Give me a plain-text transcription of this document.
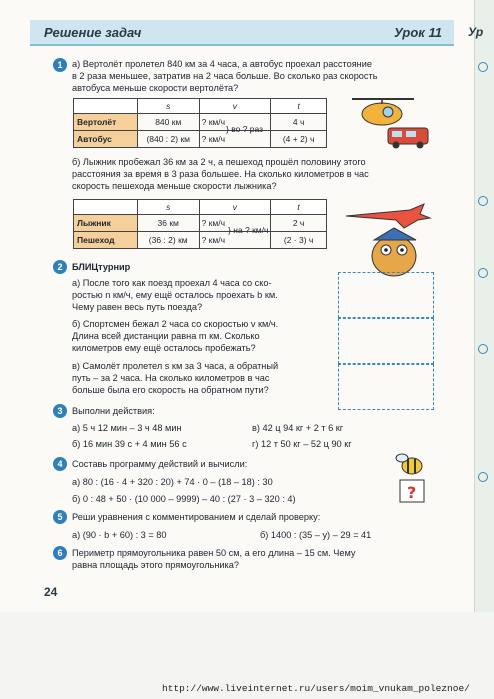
Решение задач	Урок 11 Ур
1	а) Вертолёт пролетел 840 км за 4 часа, а автобус проехал расстояние
в 2 раза меньшее, затратив на 2 часа больше. Во сколько раз скорость
автобуса меньше скорости вертолёта?
	s	v	t
Вертолёт	840 км	? км/ч	4 ч
Автобус	(840 : 2) км	? км/ч	(4 + 2) ч
} во ? раз
б) Лыжник пробежал 36 км за 2 ч, а пешеход прошёл половину этого
расстояния за время в 3 раза большее. На сколько километров в час
скорость пешехода меньше скорости лыжника?
	s	v	t
Лыжник	36 км	? км/ч	2 ч
Пешеход	(36 : 2) км	? км/ч	(2 · 3) ч
} на ? км/ч
2	БЛИЦтурнир
а) После того как поезд проехал 4 часа со ско-
ростью n км/ч, ему ещё осталось проехать b км.
Чему равен весь путь поезда?
б) Спортсмен бежал 2 часа со скоростью v км/ч.
Длина всей дистанции равна m км. Сколько
километров ему ещё осталось пробежать?
в) Самолёт пролетел s км за 3 часа, а обратный
путь – за 2 часа. На сколько километров в час
больше была его скорость на обратном пути?
3	Выполни действия:
а) 5 ч 12 мин – 3 ч 48 мин	в) 42 ц 94 кг + 2 т 6 кг
б) 16 мин 39 с + 4 мин 56 с	г) 12 т 50 кг – 52 ц 90 кг
4	Составь программу действий и вычисли:
а) 80 : (16 · 4 + 320 : 20) + 74 · 0 – (18 – 18) : 30
б) 0 : 48 + 50 · (10 000 – 9999) – 40 : (27 · 3 – 320 : 4)	?
5	Реши уравнения с комментированием и сделай проверку:
а) (90 · b + 60) : 3 = 80	б) 1400 : (35 – y) – 29 = 41
6	Периметр прямоугольника равен 50 см, а его длина – 15 см. Чему
равна площадь этого прямоугольника?
24
http://www.liveinternet.ru/users/moim_vnukam_poleznoe/
